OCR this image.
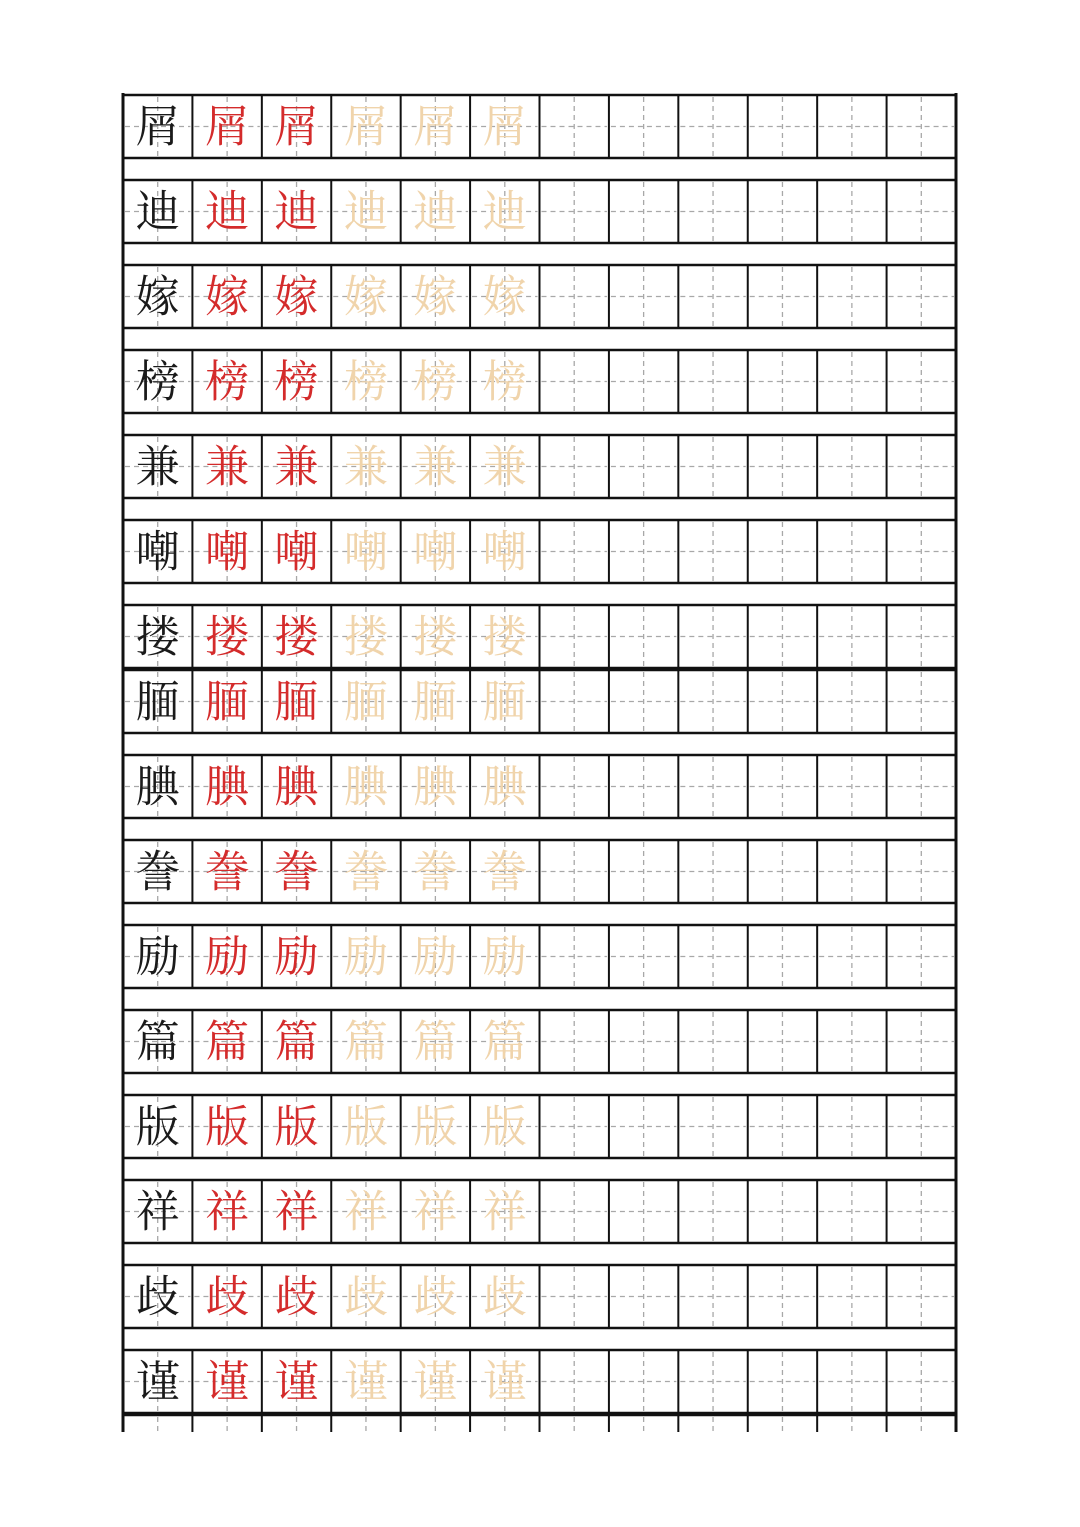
屑 屑 屑 屑 屑 屑
迪 迪 迪 迪 迪 迪
嫁 嫁 嫁 嫁 嫁 嫁
榜 榜 榜 榜 榜 榜
兼 兼 兼 兼 兼 兼
嘲 嘲 嘲 嘲 嘲 嘲
搂 搂 搂 搂 搂 搂
腼 腼 腼 腼 腼 腼
腆 腆 腆 腆 腆 腆
誊 誊 誊 誊 誊 誊
励 励 励 励 励 励
篇 篇 篇 篇 篇 篇
版 版 版 版 版 版
祥 祥 祥 祥 祥 祥
歧 歧 歧 歧 歧 歧
谨 谨 谨 谨 谨 谨
